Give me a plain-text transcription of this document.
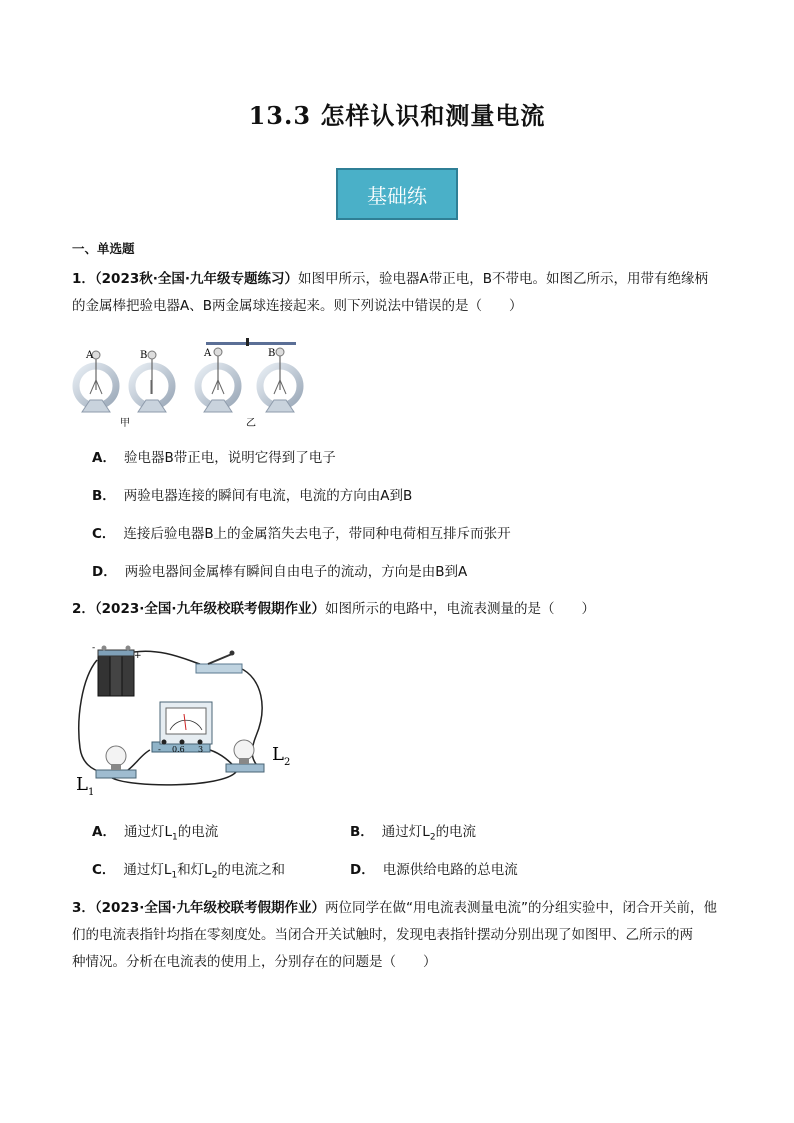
13.3 怎样认识和测量电流
基础练
一、单选题
1．（2023秋·全国·九年级专题练习）如图甲所示，验电器A带正电，B不带电。如图乙所示，用带有绝缘柄
的金属棒把验电器A、B两金属球连接起来。则下列说法中错误的是（　　）
A	B	A	B
甲	乙
A． 验电器B带正电，说明它得到了电子
B． 两验电器连接的瞬间有电流，电流的方向由A到B
C． 连接后验电器B上的金属箔失去电子，带同种电荷相互排斥而张开
D． 两验电器间金属棒有瞬间自由电子的流动，方向是由B到A
2．（2023·全国·九年级校联考假期作业）如图所示的电路中，电流表测量的是（　　）
-
+
- 0.6 3
$L_1$
$L_2$
A． 通过灯$L_1$的电流	B． 通过灯$L_2$的电流
C． 通过灯$L_1$和灯$L_2$的电流之和	D． 电源供给电路的总电流
3．（2023·全国·九年级校联考假期作业）两位同学在做“用电流表测量电流”的分组实验中，闭合开关前，他
们的电流表指针均指在零刻度处。当闭合开关试触时，发现电表指针摆动分别出现了如图甲、乙所示的两
种情况。分析在电流表的使用上，分别存在的问题是（　　）
